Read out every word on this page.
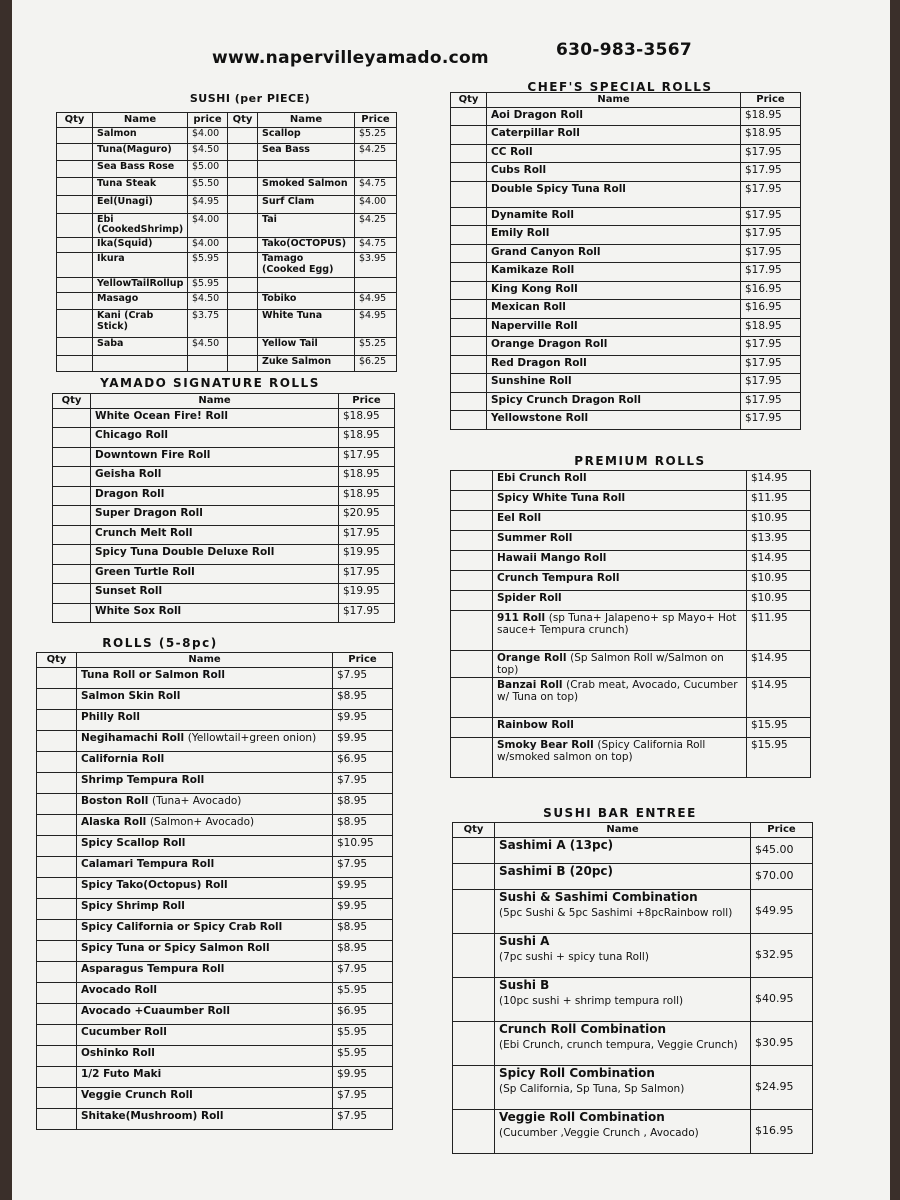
www.napervilleyamado.com	630-983-3567
SUSHI (per PIECE)
Qty	Name	price	Qty	Name	Price
	Salmon	$4.00		Scallop	$5.25
	Tuna(Maguro)	$4.50		Sea Bass	$4.25
	Sea Bass Rose	$5.00			
	Tuna Steak	$5.50		Smoked Salmon	$4.75
	Eel(Unagi)	$4.95		Surf Clam	$4.00
	Ebi (CookedShrimp)	$4.00		Tai	$4.25
	Ika(Squid)	$4.00		Tako(OCTOPUS)	$4.75
	Ikura	$5.95		Tamago (Cooked Egg)	$3.95
	YellowTailRollup	$5.95			
	Masago	$4.50		Tobiko	$4.95
	Kani (Crab Stick)	$3.75		White Tuna	$4.95
	Saba	$4.50		Yellow Tail	$5.25
				Zuke Salmon	$6.25
YAMADO SIGNATURE ROLLS
Qty	Name	Price
	White Ocean Fire! Roll	$18.95
	Chicago Roll	$18.95
	Downtown Fire Roll	$17.95
	Geisha Roll	$18.95
	Dragon Roll	$18.95
	Super Dragon Roll	$20.95
	Crunch Melt Roll	$17.95
	Spicy Tuna Double Deluxe Roll	$19.95
	Green Turtle Roll	$17.95
	Sunset Roll	$19.95
	White Sox Roll	$17.95
ROLLS (5-8pc)
Qty	Name	Price
	Tuna Roll or Salmon Roll	$7.95
	Salmon Skin Roll	$8.95
	Philly Roll	$9.95
	Negihamachi Roll (Yellowtail+green onion)	$9.95
	California Roll	$6.95
	Shrimp Tempura Roll	$7.95
	Boston Roll (Tuna+ Avocado)	$8.95
	Alaska Roll (Salmon+ Avocado)	$8.95
	Spicy Scallop Roll	$10.95
	Calamari Tempura Roll	$7.95
	Spicy Tako(Octopus) Roll	$9.95
	Spicy Shrimp Roll	$9.95
	Spicy California or Spicy Crab Roll	$8.95
	Spicy Tuna or Spicy Salmon Roll	$8.95
	Asparagus Tempura Roll	$7.95
	Avocado Roll	$5.95
	Avocado +Cuaumber Roll	$6.95
	Cucumber Roll	$5.95
	Oshinko Roll	$5.95
	1/2 Futo Maki	$9.95
	Veggie Crunch Roll	$7.95
	Shitake(Mushroom) Roll	$7.95
CHEF'S SPECIAL ROLLS
Qty	Name	Price
	Aoi Dragon Roll	$18.95
	Caterpillar Roll	$18.95
	CC Roll	$17.95
	Cubs Roll	$17.95
	Double Spicy Tuna Roll	$17.95
	Dynamite Roll	$17.95
	Emily Roll	$17.95
	Grand Canyon Roll	$17.95
	Kamikaze Roll	$17.95
	King Kong Roll	$16.95
	Mexican Roll	$16.95
	Naperville Roll	$18.95
	Orange Dragon Roll	$17.95
	Red Dragon Roll	$17.95
	Sunshine Roll	$17.95
	Spicy Crunch Dragon Roll	$17.95
	Yellowstone Roll	$17.95
PREMIUM ROLLS
	Ebi Crunch Roll	$14.95
	Spicy White Tuna Roll	$11.95
	Eel Roll	$10.95
	Summer Roll	$13.95
	Hawaii Mango Roll	$14.95
	Crunch Tempura Roll	$10.95
	Spider Roll	$10.95
	911 Roll (sp Tuna+ Jalapeno+ sp Mayo+ Hot sauce+ Tempura crunch)	$11.95
	Orange Roll (Sp Salmon Roll w/Salmon on top)	$14.95
	Banzai Roll (Crab meat, Avocado, Cucumber w/ Tuna on top)	$14.95
	Rainbow Roll	$15.95
	Smoky Bear Roll (Spicy California Roll w/smoked salmon on top)	$15.95
SUSHI BAR ENTREE
Qty	Name	Price
	Sashimi A (13pc)	$45.00
	Sashimi B (20pc)	$70.00
	Sushi & Sashimi Combination
(5pc Sushi & 5pc Sashimi +8pcRainbow roll)	$49.95
	Sushi A
(7pc sushi + spicy tuna Roll)	$32.95
	Sushi B
(10pc sushi + shrimp tempura roll)	$40.95
	Crunch Roll Combination
(Ebi Crunch, crunch tempura, Veggie Crunch)	$30.95
	Spicy Roll Combination
(Sp California, Sp Tuna, Sp Salmon)	$24.95
	Veggie Roll Combination
(Cucumber ,Veggie Crunch , Avocado)	$16.95
